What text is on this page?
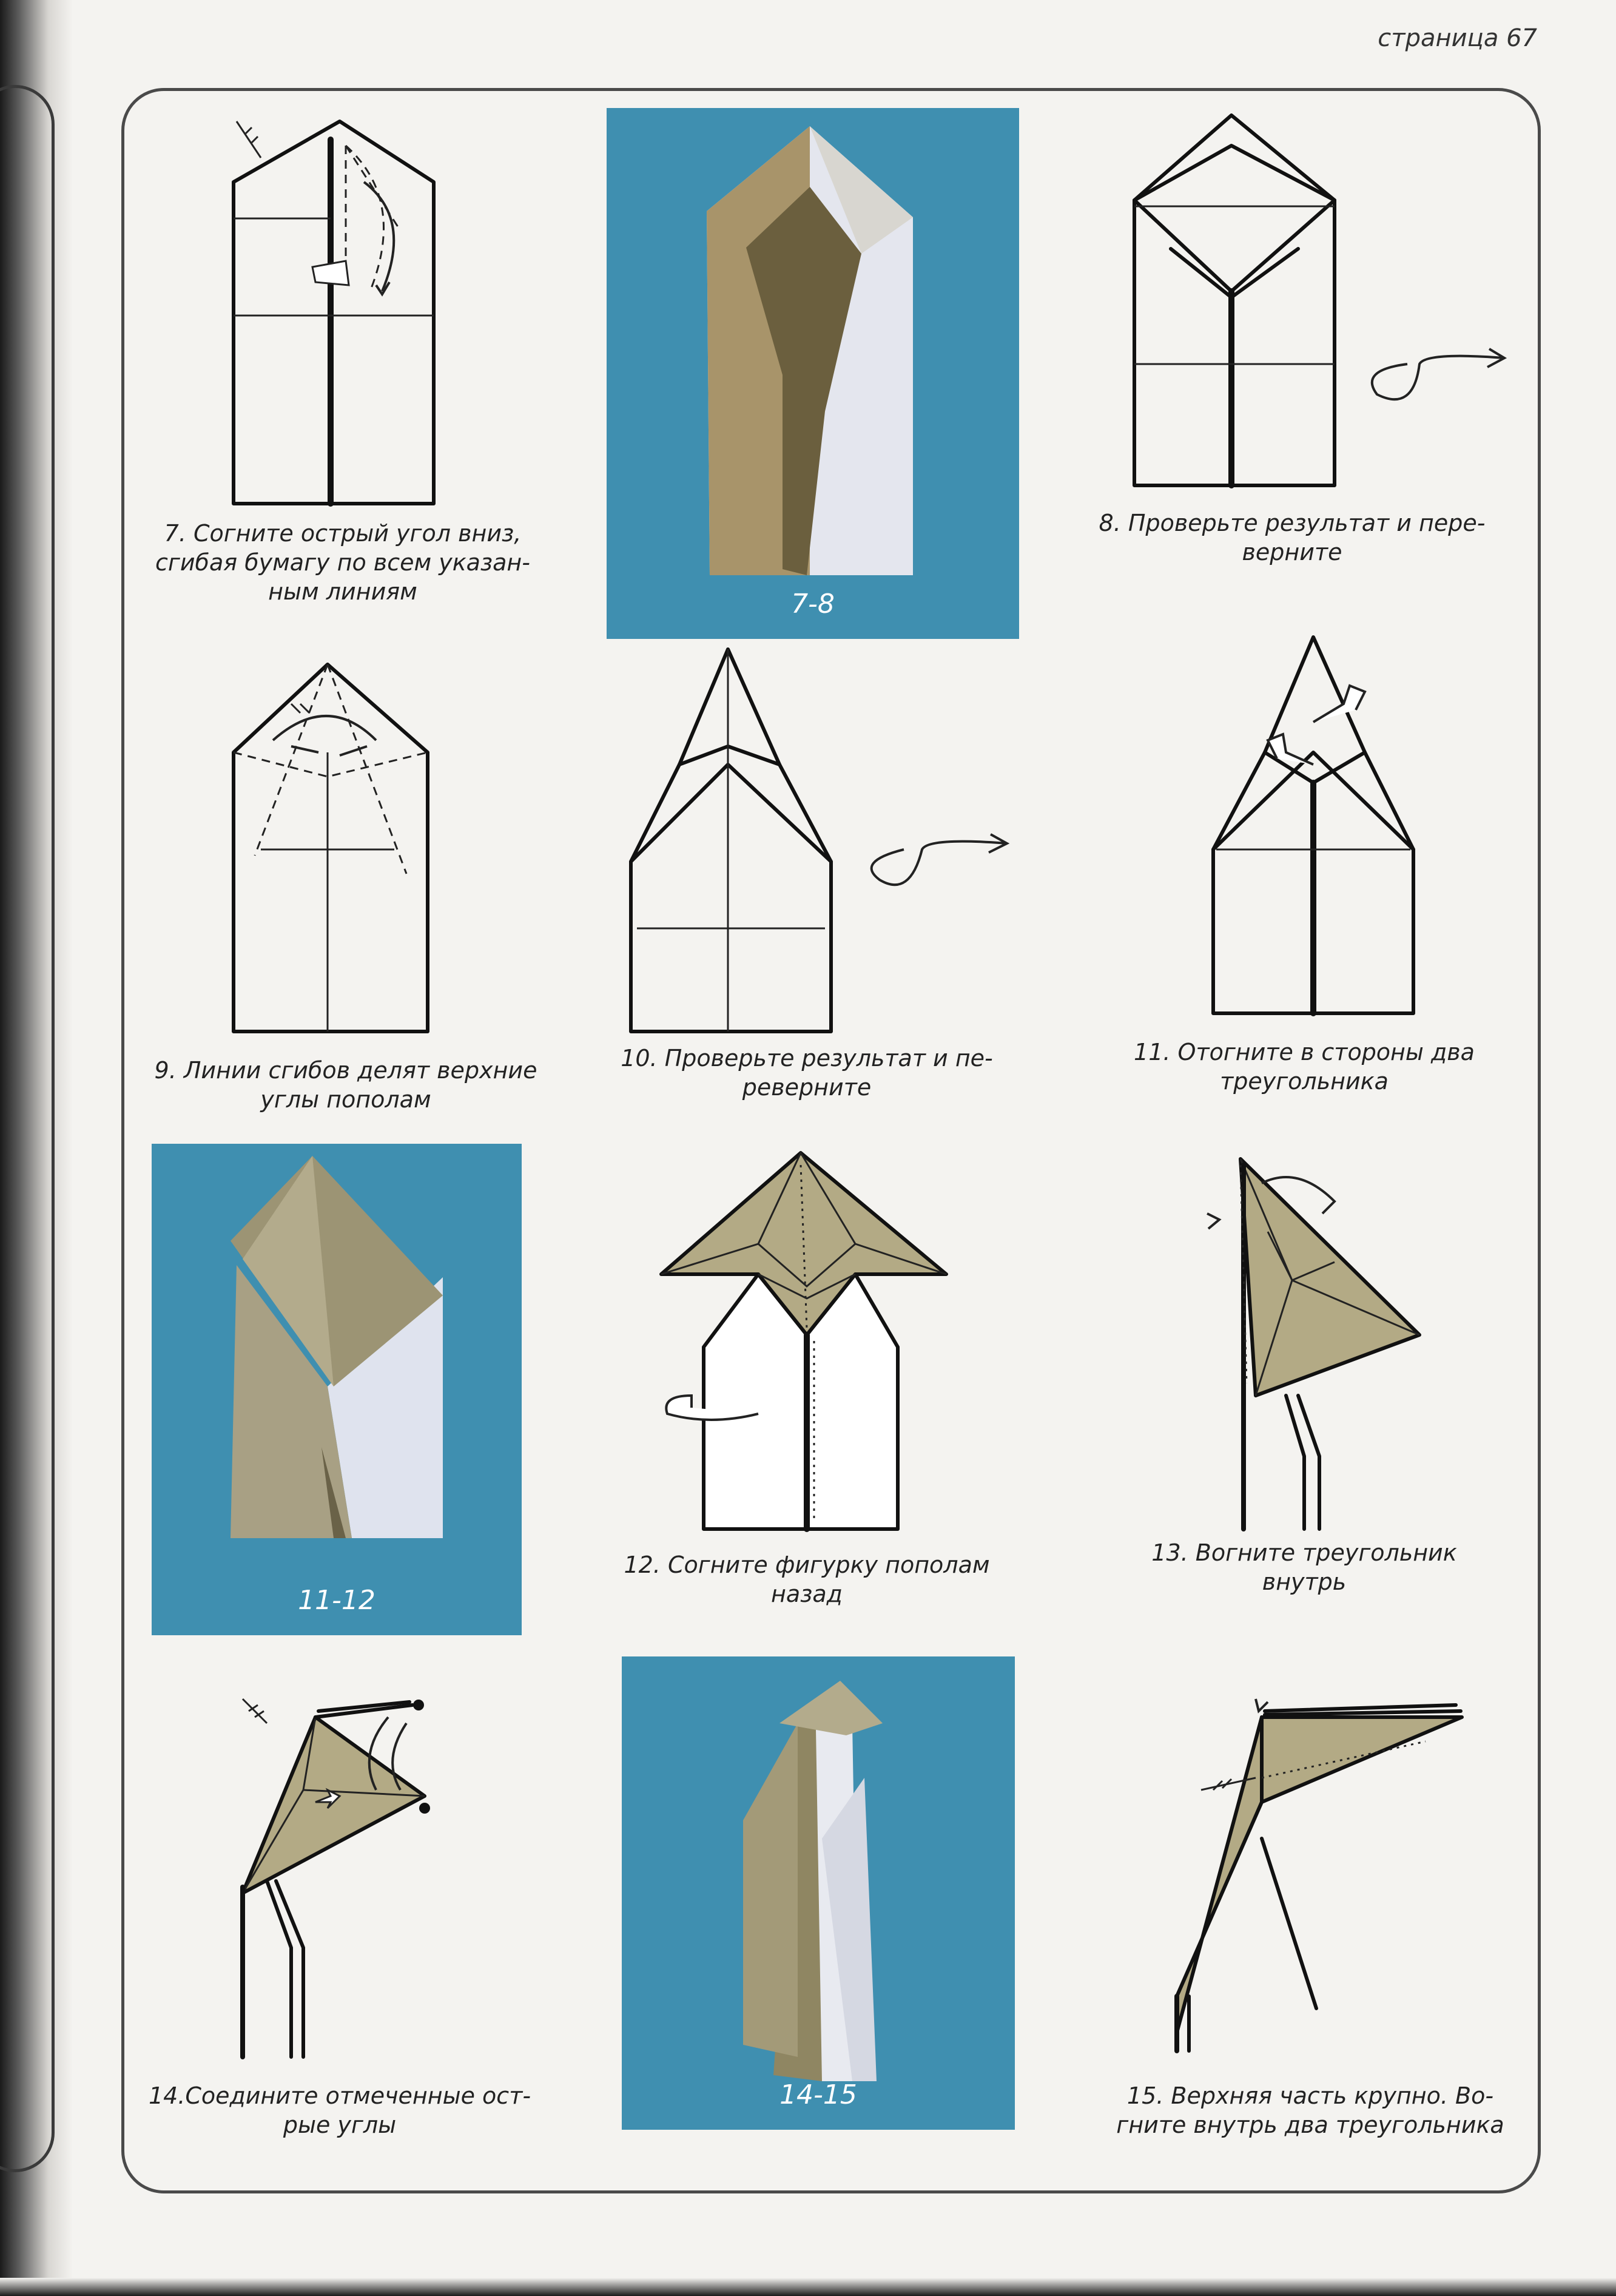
страница 67
7. Согните острый угол вниз,
сгибая бумагу по всем указан-
ным линиям	7-8
8. Проверьте результат и пере-
верните
9. Линии сгибов делят верхние
углы пополам
10. Проверьте результат и пе-
реверните
11. Отогните в стороны два
треугольника
11-12
12. Согните фигурку пополам
назад
13. Вогните треугольник
внутрь
14.Соедините отмеченные ост-
рые углы
14-15	15. Верхняя часть крупно. Во-
гните внутрь два треугольника
